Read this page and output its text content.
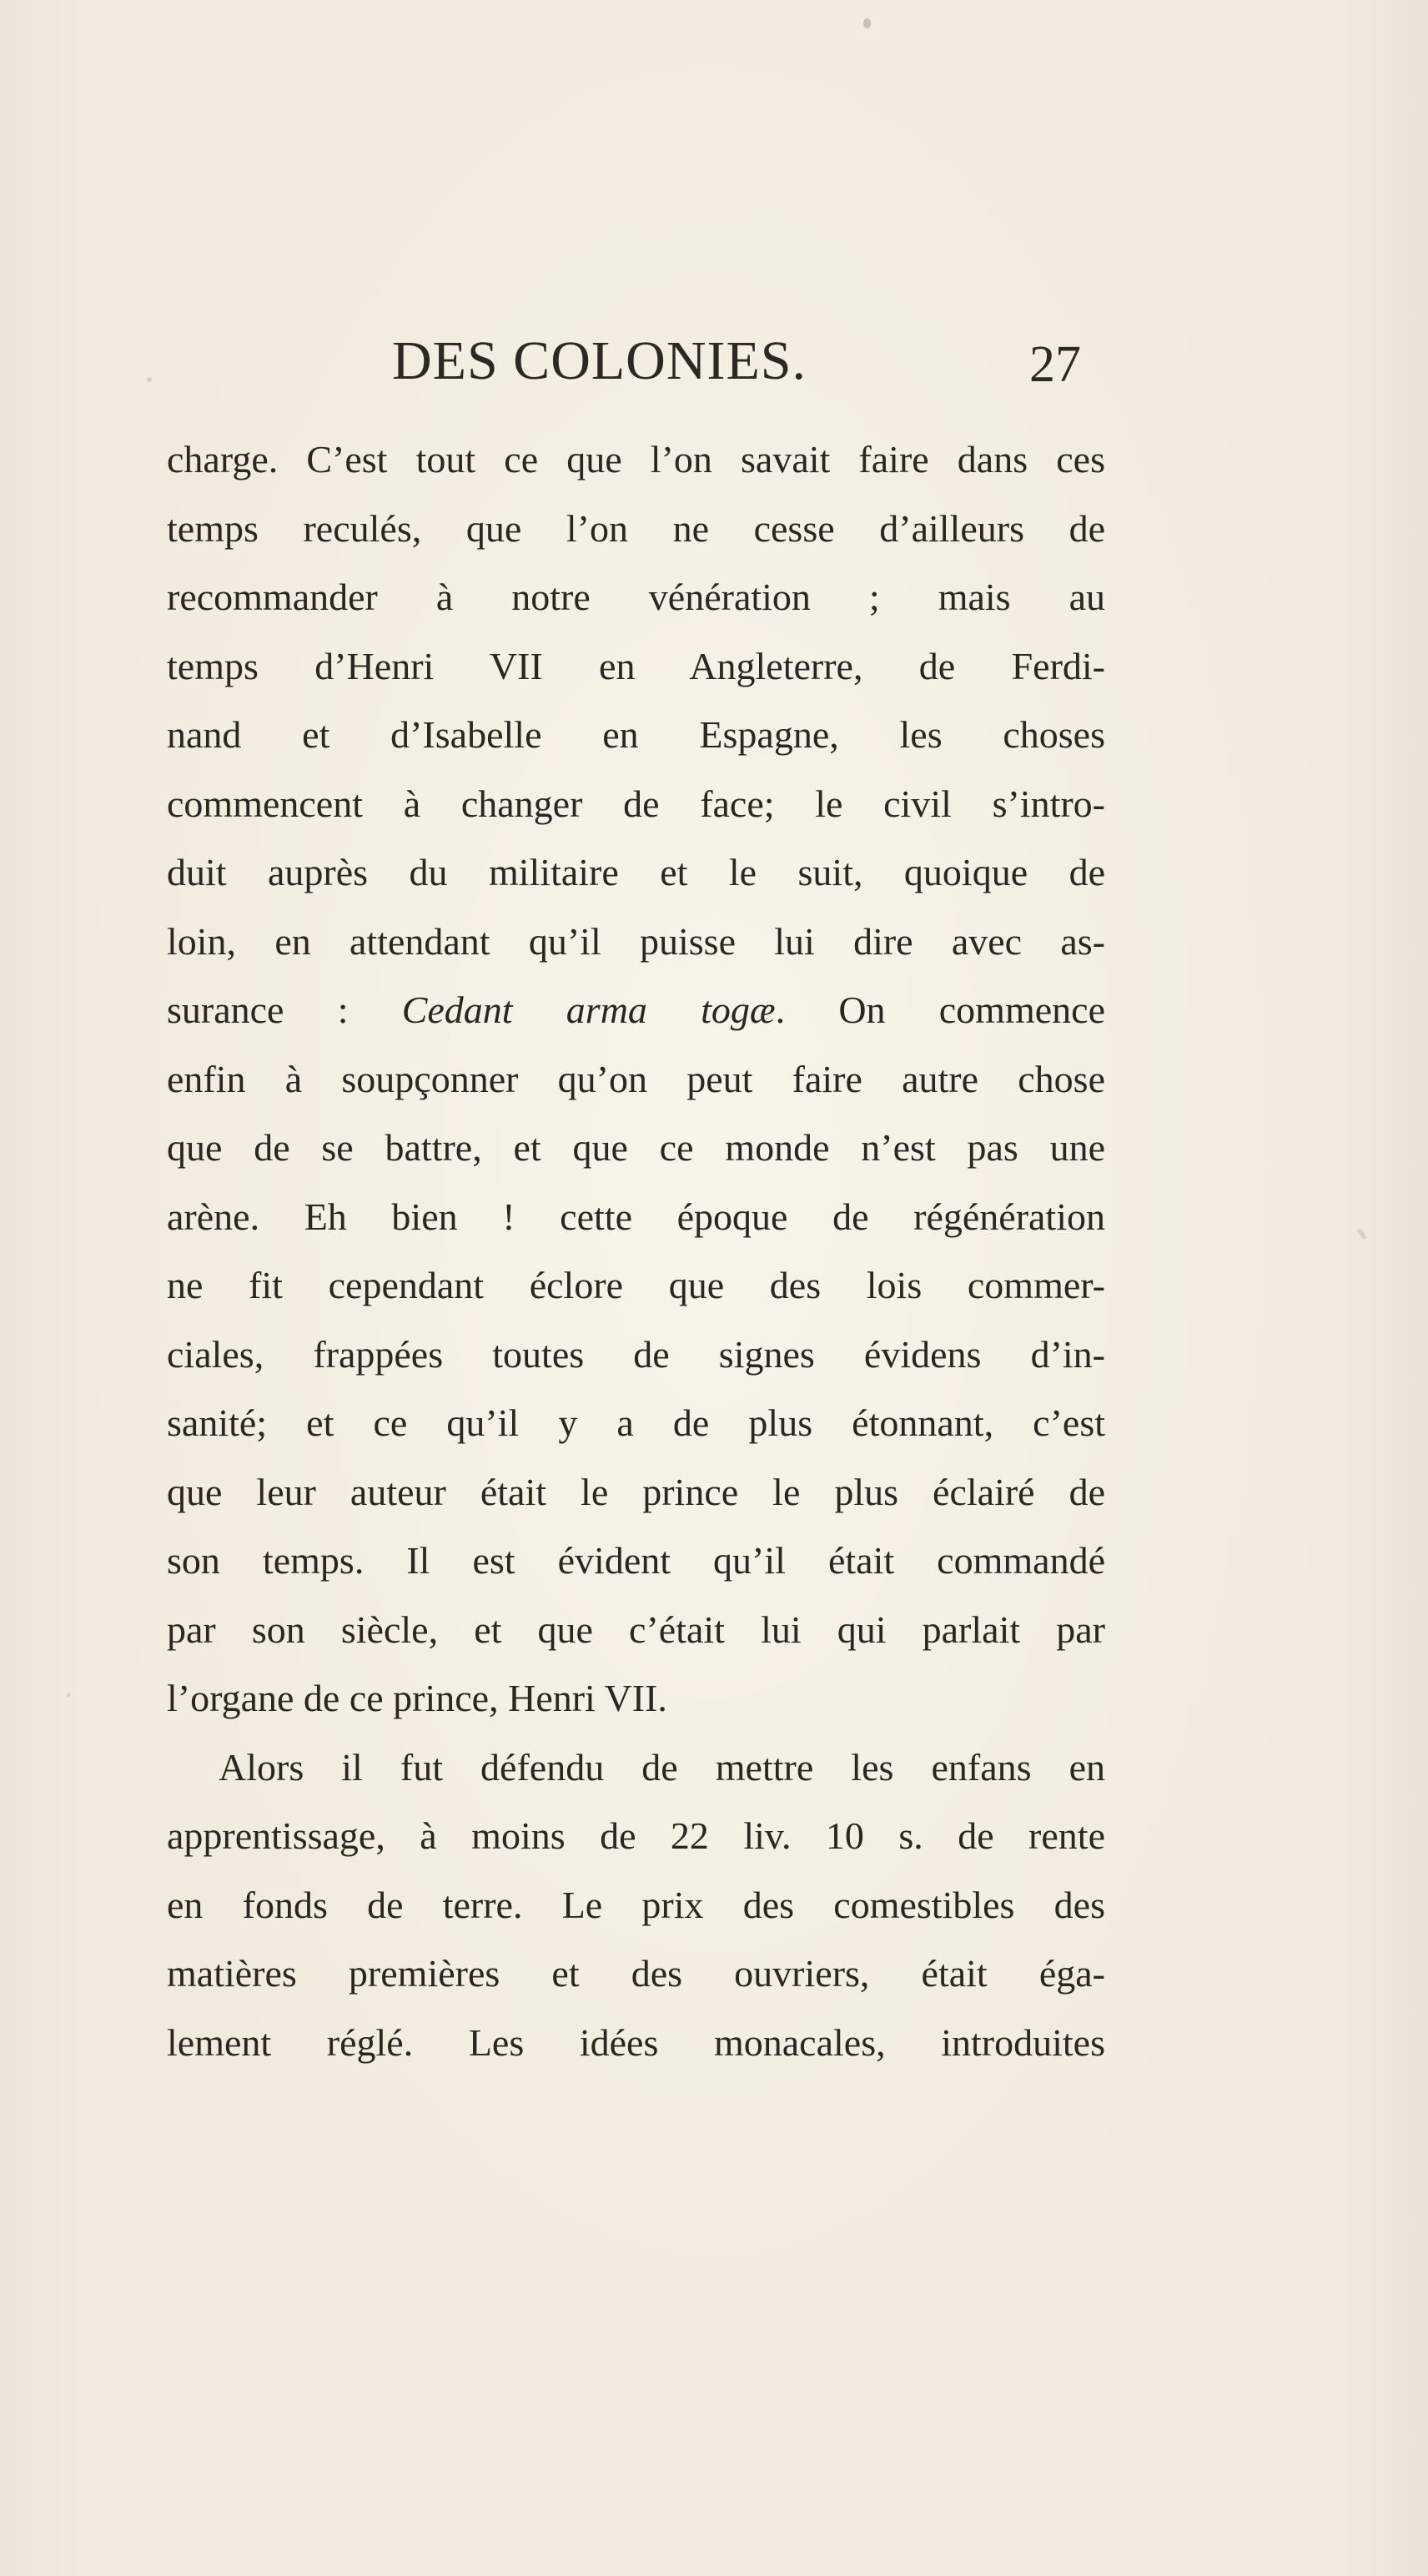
DES COLONIES.	27
charge. C’est tout ce que l’on savait faire dans ces
temps reculés, que l’on ne cesse d’ailleurs de
recommander à notre vénération ; mais au
temps d’Henri VII en Angleterre, de Ferdi-
nand et d’Isabelle en Espagne, les choses
commencent à changer de face; le civil s’intro-
duit auprès du militaire et le suit, quoique de
loin, en attendant qu’il puisse lui dire avec as-
surance : Cedant arma togæ. On commence
enfin à soupçonner qu’on peut faire autre chose
que de se battre, et que ce monde n’est pas une
arène. Eh bien ! cette époque de régénération
ne fit cependant éclore que des lois commer-
ciales, frappées toutes de signes évidens d’in-
sanité; et ce qu’il y a de plus étonnant, c’est
que leur auteur était le prince le plus éclairé de
son temps. Il est évident qu’il était commandé
par son siècle, et que c’était lui qui parlait par
l’organe de ce prince, Henri VII.
Alors il fut défendu de mettre les enfans en
apprentissage, à moins de 22 liv. 10 s. de rente
en fonds de terre. Le prix des comestibles des
matières premières et des ouvriers, était éga-
lement réglé. Les idées monacales, introduites
